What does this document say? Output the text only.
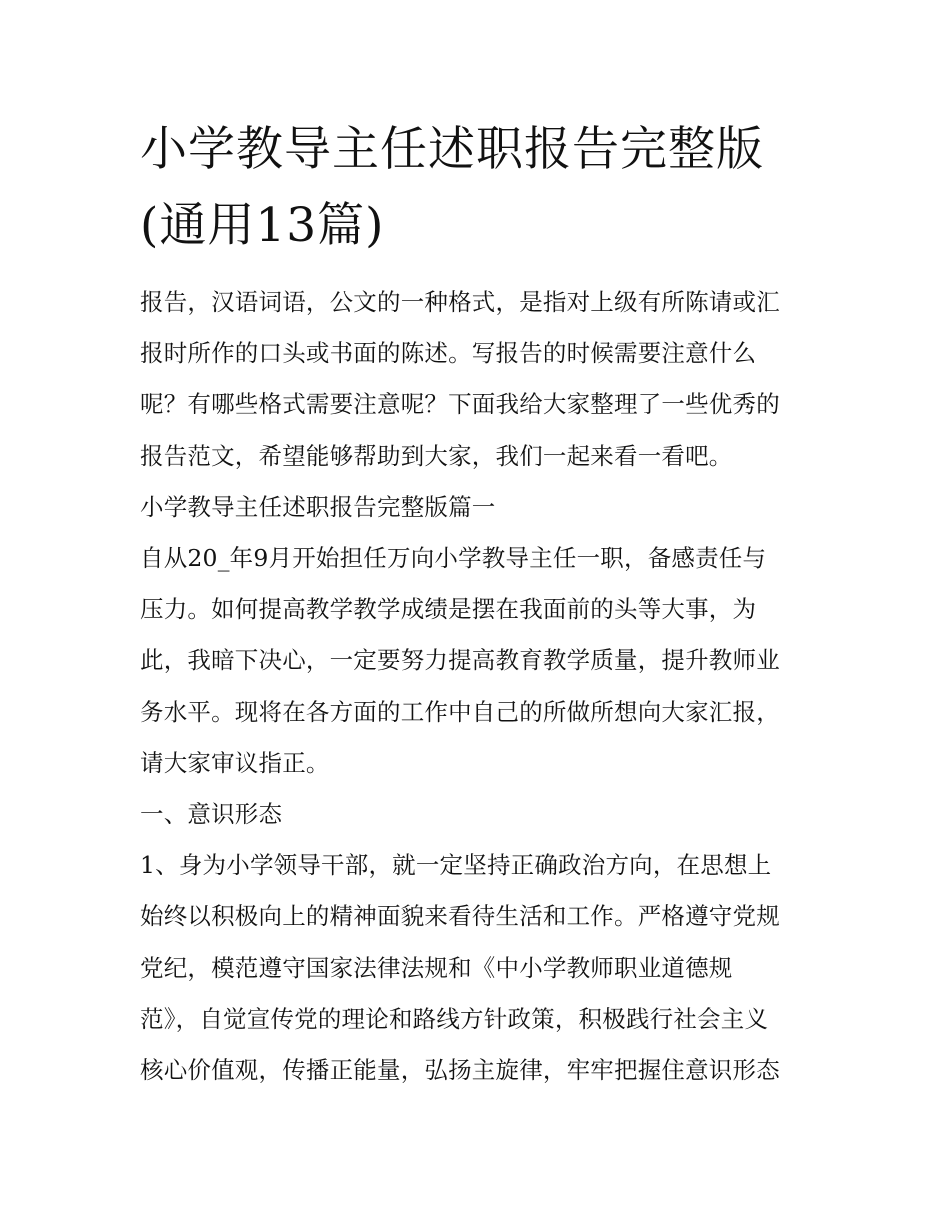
小学教导主任述职报告完整版
(通用13篇)
报告，汉语词语，公文的一种格式，是指对上级有所陈请或汇
报时所作的口头或书面的陈述。写报告的时候需要注意什么
呢？有哪些格式需要注意呢？下面我给大家整理了一些优秀的
报告范文，希望能够帮助到大家，我们一起来看一看吧。
小学教导主任述职报告完整版篇一
自从20_年9月开始担任万向小学教导主任一职，备感责任与
压力。如何提高教学教学成绩是摆在我面前的头等大事，为
此，我暗下决心，一定要努力提高教育教学质量，提升教师业
务水平。现将在各方面的工作中自己的所做所想向大家汇报，
请大家审议指正。
一、意识形态
1、身为小学领导干部，就一定坚持正确政治方向，在思想上
始终以积极向上的精神面貌来看待生活和工作。严格遵守党规
党纪，模范遵守国家法律法规和《中小学教师职业道德规
范》，自觉宣传党的理论和路线方针政策，积极践行社会主义
核心价值观，传播正能量，弘扬主旋律，牢牢把握住意识形态
